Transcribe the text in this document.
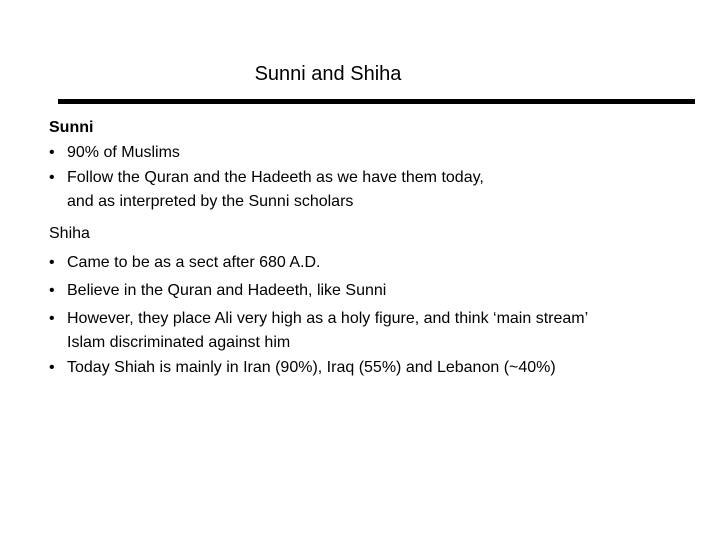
Sunni and Shiha
Sunni
• 90% of Muslims
• Follow the Quran and the Hadeeth as we have them today,
and as interpreted by the Sunni scholars
Shiha
• Came to be as a sect after 680 A.D.
• Believe in the Quran and Hadeeth, like Sunni
• However, they place Ali very high as a holy figure, and think ‘main stream’
Islam discriminated against him
• Today Shiah is mainly in Iran (90%), Iraq (55%) and Lebanon (~40%)
